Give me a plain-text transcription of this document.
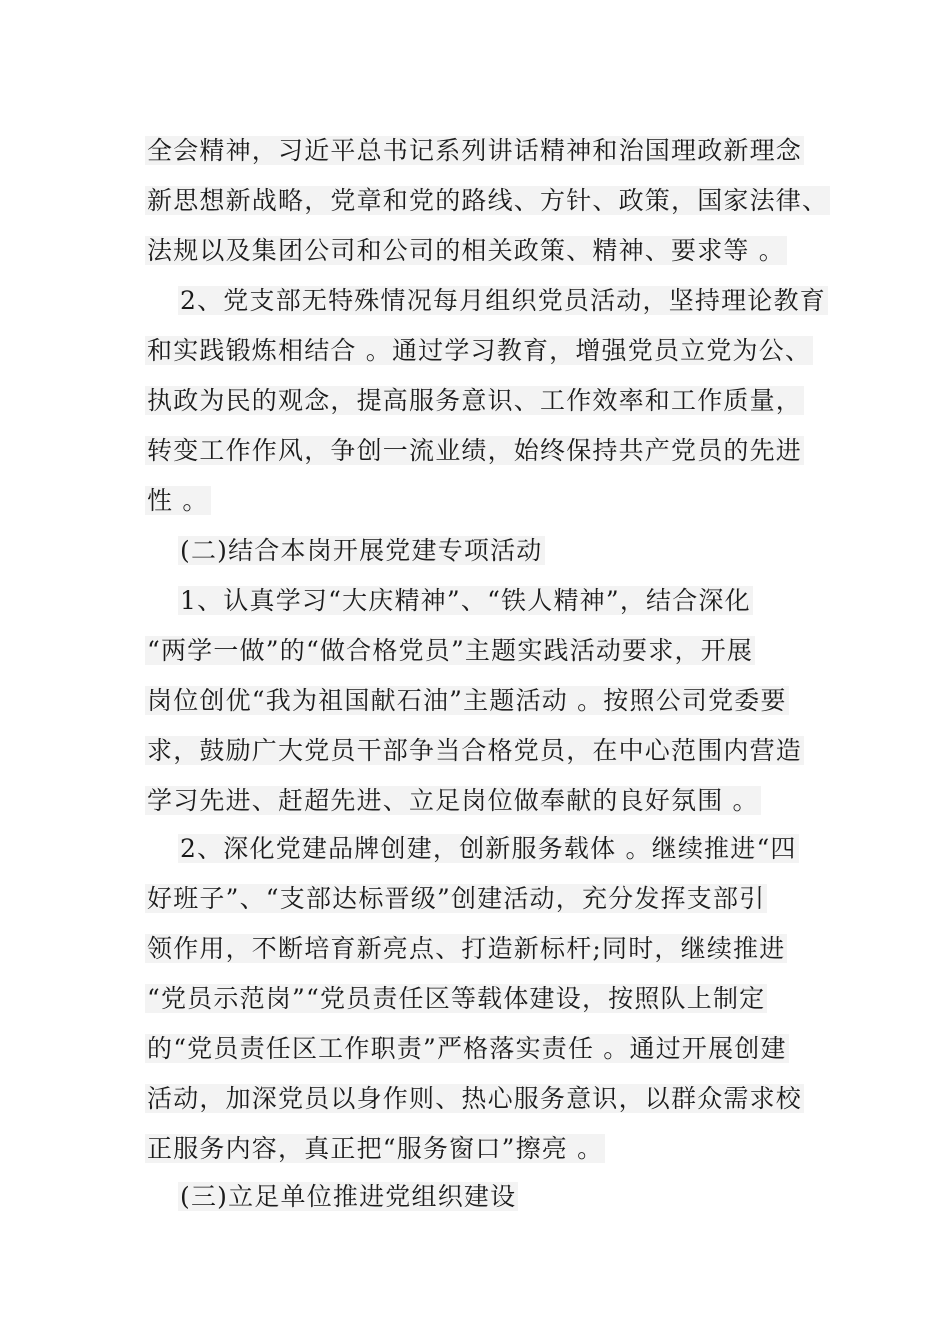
全会精神，习近平总书记系列讲话精神和治国理政新理念
新思想新战略，党章和党的路线、方针、政策，国家法律、
法规以及集团公司和公司的相关政策、精神、要求等 。
2、党支部无特殊情况每月组织党员活动，坚持理论教育
和实践锻炼相结合 。通过学习教育，增强党员立党为公、
执政为民的观念，提高服务意识、工作效率和工作质量，
转变工作作风，争创一流业绩，始终保持共产党员的先进
性 。
(二)结合本岗开展党建专项活动
1、认真学习“大庆精神”、“铁人精神”，结合深化
“两学一做”的“做合格党员”主题实践活动要求，开展
岗位创优“我为祖国献石油”主题活动 。按照公司党委要
求，鼓励广大党员干部争当合格党员，在中心范围内营造
学习先进、赶超先进、立足岗位做奉献的良好氛围 。
2、深化党建品牌创建，创新服务载体 。继续推进“四
好班子”、“支部达标晋级”创建活动，充分发挥支部引
领作用，不断培育新亮点、打造新标杆;同时，继续推进
“党员示范岗”“党员责任区等载体建设，按照队上制定
的“党员责任区工作职责”严格落实责任 。通过开展创建
活动，加深党员以身作则、热心服务意识，以群众需求校
正服务内容，真正把“服务窗口”擦亮 。
(三)立足单位推进党组织建设
